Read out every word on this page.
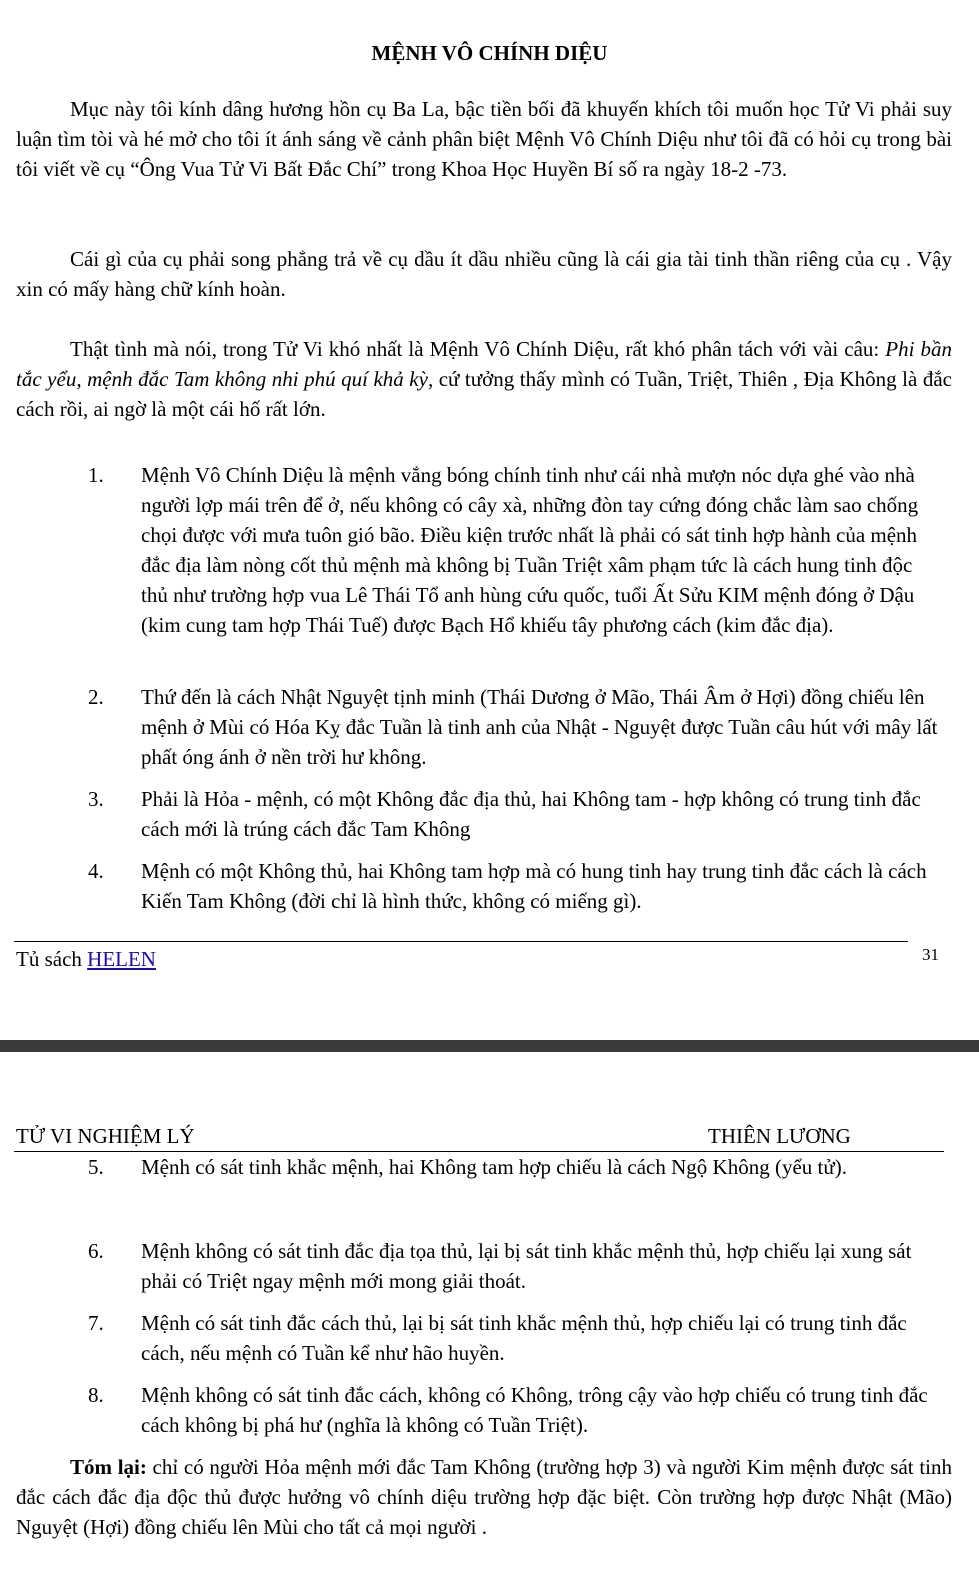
MỆNH VÔ CHÍNH DIỆU

Mục này tôi kính dâng hương hồn cụ Ba La, bậc tiền bối đã khuyến khích tôi muốn học Tử Vi phải suy luận tìm tòi và hé mở cho tôi ít ánh sáng về cảnh phân biệt Mệnh Vô Chính Diệu như tôi đã có hỏi cụ trong bài tôi viết về cụ “Ông Vua Tử Vi Bất Đắc Chí” trong Khoa Học Huyền Bí số ra ngày 18-2 -73.

Cái gì của cụ phải song phẳng trả về cụ dầu ít dầu nhiều cũng là cái gia tài tinh thần riêng của cụ . Vậy xin có mấy hàng chữ kính hoàn.

Thật tình mà nói, trong Tử Vi khó nhất là Mệnh Vô Chính Diệu, rất khó phân tách với vài câu: Phi bần tắc yểu, mệnh đắc Tam không nhi phú quí khả kỳ, cứ tưởng thấy mình có Tuần, Triệt, Thiên , Địa Không là đắc cách rồi, ai ngờ là một cái hố rất lớn.

1.	Mệnh Vô Chính Diệu là mệnh vắng bóng chính tinh như cái nhà mượn nóc dựa ghé vào nhà người lợp mái trên để ở, nếu không có cây xà, những đòn tay cứng đóng chắc làm sao chống chọi được với mưa tuôn gió bão. Điều kiện trước nhất là phải có sát tinh hợp hành của mệnh đắc địa làm nòng cốt thủ mệnh mà không bị Tuần Triệt xâm phạm tức là cách hung tinh độc thủ như trường hợp vua Lê Thái Tổ anh hùng cứu quốc, tuổi Ất Sửu KIM mệnh đóng ở Dậu (kim cung tam hợp Thái Tuế) được Bạch Hổ khiếu tây phương cách (kim đắc địa).

2.	Thứ đến là cách Nhật Nguyệt tịnh minh (Thái Dương ở Mão, Thái Âm ở Hợi) đồng chiếu lên mệnh ở Mùi có Hóa Kỵ đắc Tuần là tinh anh của Nhật - Nguyệt được Tuần câu hút với mây lất phất óng ánh ở nền trời hư không.

3.	Phải là Hỏa - mệnh, có một Không đắc địa thủ, hai Không tam - hợp không có trung tinh đắc cách mới là trúng cách đắc Tam Không

4.	Mệnh có một Không thủ, hai Không tam hợp mà có hung tinh hay trung tinh đắc cách là cách Kiến Tam Không (đời chỉ là hình thức, không có miếng gì).

Tủ sách HELEN	31
TỬ VI NGHIỆM LÝ	THIÊN LƯƠNG
5.	Mệnh có sát tinh khắc mệnh, hai Không tam hợp chiếu là cách Ngộ Không (yểu tử).

6.	Mệnh không có sát tinh đắc địa tọa thủ, lại bị sát tinh khắc mệnh thủ, hợp chiếu lại xung sát phải có Triệt ngay mệnh mới mong giải thoát.

7.	Mệnh có sát tinh đắc cách thủ, lại bị sát tinh khắc mệnh thủ, hợp chiếu lại có trung tinh đắc cách, nếu mệnh có Tuần kể như hão huyền.

8.	Mệnh không có sát tinh đắc cách, không có Không, trông cậy vào hợp chiếu có trung tinh đắc cách không bị phá hư (nghĩa là không có Tuần Triệt).

Tóm lại: chỉ có người Hỏa mệnh mới đắc Tam Không (trường hợp 3) và người Kim mệnh được sát tinh đắc cách đắc địa độc thủ được hưởng vô chính diệu trường hợp đặc biệt. Còn trường hợp được Nhật (Mão) Nguyệt (Hợi) đồng chiếu lên Mùi cho tất cả mọi người .
